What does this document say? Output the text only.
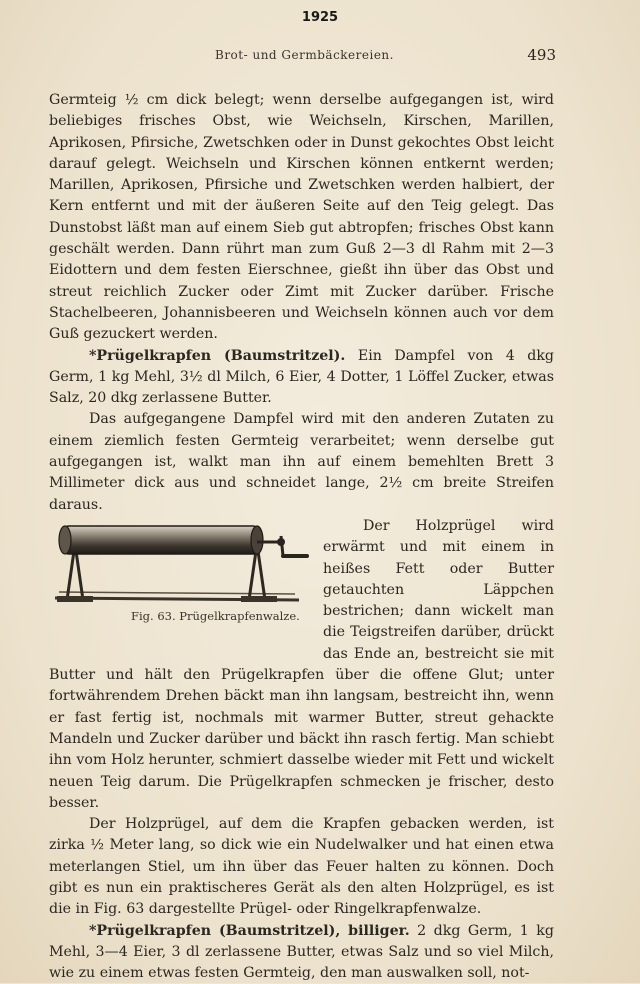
1925
Brot- und Germbäckereien.	493

Germteig ½ cm dick belegt; wenn derselbe aufgegangen ist, wird beliebiges frisches Obst, wie Weichseln, Kirschen, Marillen, Aprikosen, Pfirsiche, Zwetschken oder in Dunst gekochtes Obst leicht darauf gelegt. Weichseln und Kirschen können entkernt werden; Marillen, Aprikosen, Pfirsiche und Zwetschken werden halbiert, der Kern entfernt und mit der äußeren Seite auf den Teig gelegt. Das Dunstobst läßt man auf einem Sieb gut abtropfen; frisches Obst kann geschält werden. Dann rührt man zum Guß 2—3 dl Rahm mit 2—3 Eidottern und dem festen Eierschnee, gießt ihn über das Obst und streut reichlich Zucker oder Zimt mit Zucker darüber. Frische Stachelbeeren, Johannisbeeren und Weichseln können auch vor dem Guß gezuckert werden.

*Prügelkrapfen (Baumstritzel). Ein Dampfel von 4 dkg Germ, 1 kg Mehl, 3½ dl Milch, 6 Eier, 4 Dotter, 1 Löffel Zucker, etwas Salz, 20 dkg zerlassene Butter.

Das aufgegangene Dampfel wird mit den anderen Zutaten zu einem ziemlich festen Germteig verarbeitet; wenn derselbe gut aufgegangen ist, walkt man ihn auf einem bemehlten Brett 3 Millimeter dick aus und schneidet lange, 2½ cm breite Streifen daraus.

Fig. 63. Prügelkrapfenwalze.
Der Holzprügel wird erwärmt und mit einem in heißes Fett oder Butter getauchten Läppchen bestrichen; dann wickelt man die Teigstreifen darüber, drückt das Ende an, bestreicht sie mit Butter und hält den Prügelkrapfen über die offene Glut; unter fortwährendem Drehen bäckt man ihn langsam, bestreicht ihn, wenn er fast fertig ist, nochmals mit warmer Butter, streut gehackte Mandeln und Zucker darüber und bäckt ihn rasch fertig. Man schiebt ihn vom Holz herunter, schmiert dasselbe wieder mit Fett und wickelt neuen Teig darum. Die Prügelkrapfen schmecken je frischer, desto besser.

Der Holzprügel, auf dem die Krapfen gebacken werden, ist zirka ½ Meter lang, so dick wie ein Nudelwalker und hat einen etwa meterlangen Stiel, um ihn über das Feuer halten zu können. Doch gibt es nun ein praktischeres Gerät als den alten Holzprügel, es ist die in Fig. 63 dargestellte Prügel- oder Ringelkrapfenwalze.

*Prügelkrapfen (Baumstritzel), billiger. 2 dkg Germ, 1 kg Mehl, 3—4 Eier, 3 dl zerlassene Butter, etwas Salz und so viel Milch, wie zu einem etwas festen Germteig, den man auswalken soll, not-
